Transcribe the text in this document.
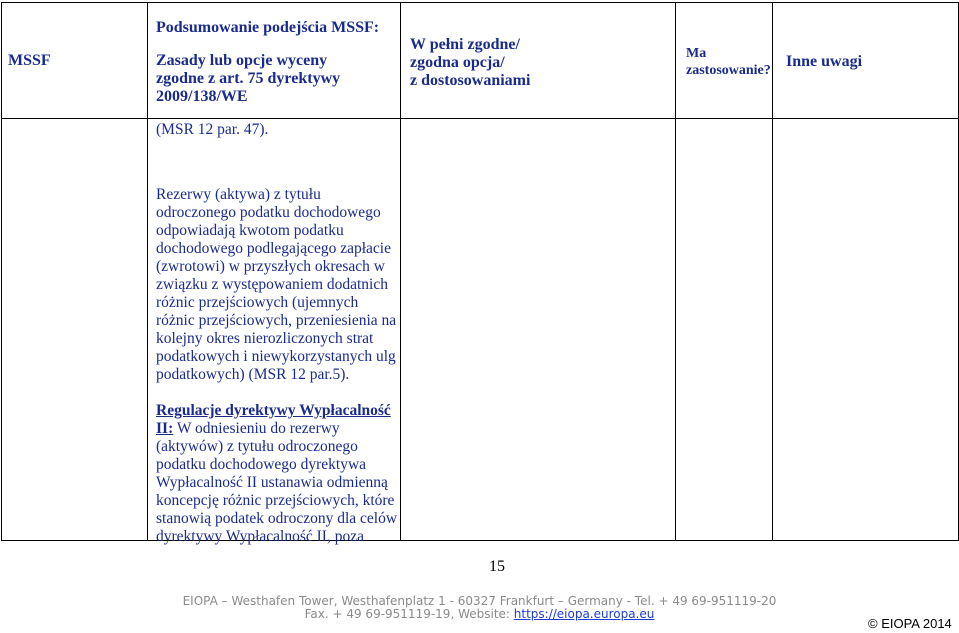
MSSF
Podsumowanie podejścia MSSF:
Zasady lub opcje wyceny
zgodne z art. 75 dyrektywy
2009/138/WE
W pełni zgodne/
zgodna opcja/
z dostosowaniami
Ma
zastosowanie?
Inne uwagi
(MSR 12 par. 47).
Rezerwy (aktywa) z tytułu
odroczonego podatku dochodowego
odpowiadają kwotom podatku
dochodowego podlegającego zapłacie
(zwrotowi) w przyszłych okresach w
związku z występowaniem dodatnich
różnic przejściowych (ujemnych
różnic przejściowych, przeniesienia na
kolejny okres nierozliczonych strat
podatkowych i niewykorzystanych ulg
podatkowych) (MSR 12 par.5).
Regulacje dyrektywy Wypłacalność
II: W odniesieniu do rezerwy
(aktywów) z tytułu odroczonego
podatku dochodowego dyrektywa
Wypłacalność II ustanawia odmienną
koncepcję różnic przejściowych, które
stanowią podatek odroczony dla celów
dyrektywy Wypłacalność II, poza
15
EIOPA – Westhafen Tower, Westhafenplatz 1 - 60327 Frankfurt – Germany - Tel. + 49 69-951119-20
Fax. + 49 69-951119-19, Website: https://eiopa.europa.eu
© EIOPA 2014
